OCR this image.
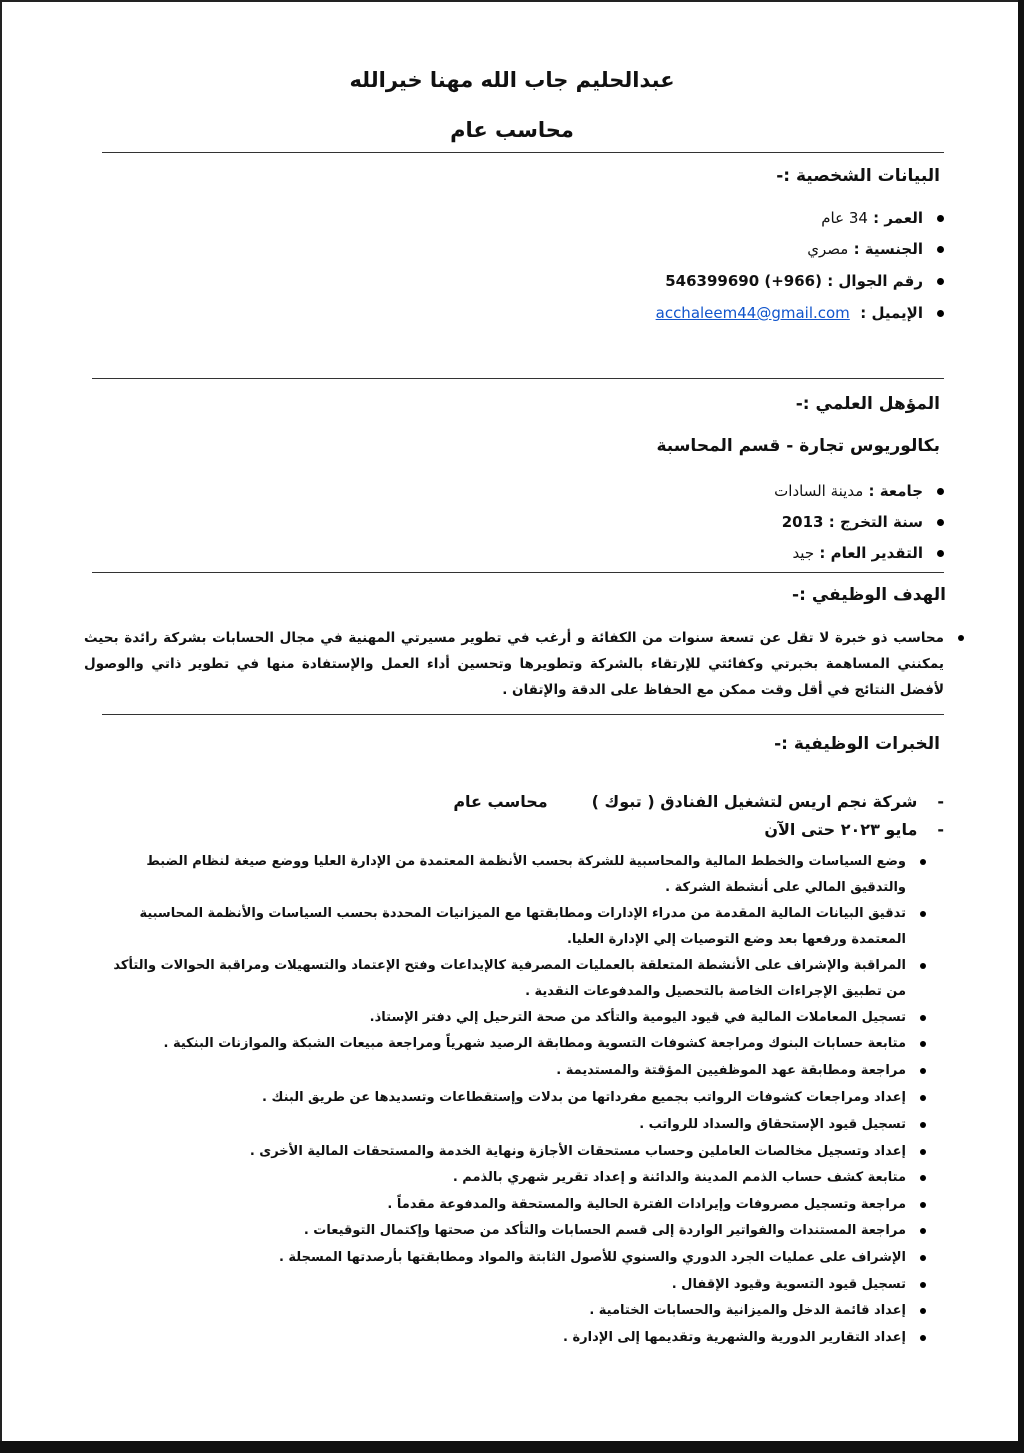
عبدالحليم جاب الله مهنا خيرالله
محاسب عام
البيانات الشخصية :-
العمر : 34 عام
الجنسية : مصري
رقم الجوال : 546399690 (+966)
الإيميل :  acchaleem44@gmail.com
المؤهل العلمي :-
بكالوريوس تجارة - قسم المحاسبة
جامعة : مدينة السادات
سنة التخرج : 2013
التقدير العام : جيد
الهدف الوظيفي :-
محاسب ذو خبرة لا تقل عن تسعة سنوات من الكفائة و أرغب في تطوير مسيرتي المهنية في مجال الحسابات بشركة رائدة بحيث يمكنني المساهمة بخبرتي وكفائتي للإرتقاء بالشركة وتطويرها وتحسين أداء العمل والإستفادة منها في تطوير ذاتي والوصول لأفضل النتائج في أقل وقت ممكن مع الحفاظ على الدقة والإتقان .
الخبرات الوظيفية :-
-شركة نجم اريس لتشغيل الفنادق ( تبوك )محاسب عام
-مايو ٢٠٢٣ حتى الآن
وضع السياسات والخطط المالية والمحاسبية للشركة بحسب الأنظمة المعتمدة من الإدارة العليا ووضع صيغة لنظام الضبط والتدقيق المالي على أنشطة الشركة .
تدقيق البيانات المالية المقدمة من مدراء الإدارات ومطابقتها مع الميزانيات المحددة بحسب السياسات والأنظمة المحاسبية المعتمدة ورفعها بعد وضع التوصيات إلي الإدارة العليا.
المراقبة والإشراف على الأنشطة المتعلقة بالعمليات المصرفية كالإيداعات وفتح الإعتماد والتسهيلات ومراقبة الحوالات والتأكد من تطبيق الإجراءات الخاصة بالتحصيل والمدفوعات النقدية .
تسجيل المعاملات المالية في قيود اليومية والتأكد من صحة الترحيل إلي دفتر الإستاذ.
متابعة حسابات البنوك ومراجعة كشوفات التسوية ومطابقة الرصيد شهرياً ومراجعة مبيعات الشبكة والموازنات البنكية .
مراجعة ومطابقة عهد الموظفيين المؤقتة والمستديمة .
إعداد ومراجعات كشوفات الرواتب بجميع مفرداتها من بدلات وإستقطاعات وتسديدها عن طريق البنك .
تسجيل قيود الإستحقاق والسداد للرواتب .
إعداد وتسجيل مخالصات العاملين وحساب مستحقات الأجازة ونهاية الخدمة والمستحقات المالية الأخرى .
متابعة كشف حساب الذمم المدينة والدائنة و إعداد تقرير شهري بالذمم .
مراجعة وتسجيل مصروفات وإيرادات الفترة الحالية والمستحقة والمدفوعة مقدماً .
مراجعة المستندات والفواتير الواردة إلى قسم الحسابات والتأكد من صحتها وإكتمال التوقيعات .
الإشراف على عمليات الجرد الدوري والسنوي للأصول الثابتة والمواد ومطابقتها بأرصدتها المسجلة .
تسجيل قيود التسوية وقيود الإقفال .
إعداد قائمة الدخل والميزانية والحسابات الختامية .
إعداد التقارير الدورية والشهرية وتقديمها إلى الإدارة .
